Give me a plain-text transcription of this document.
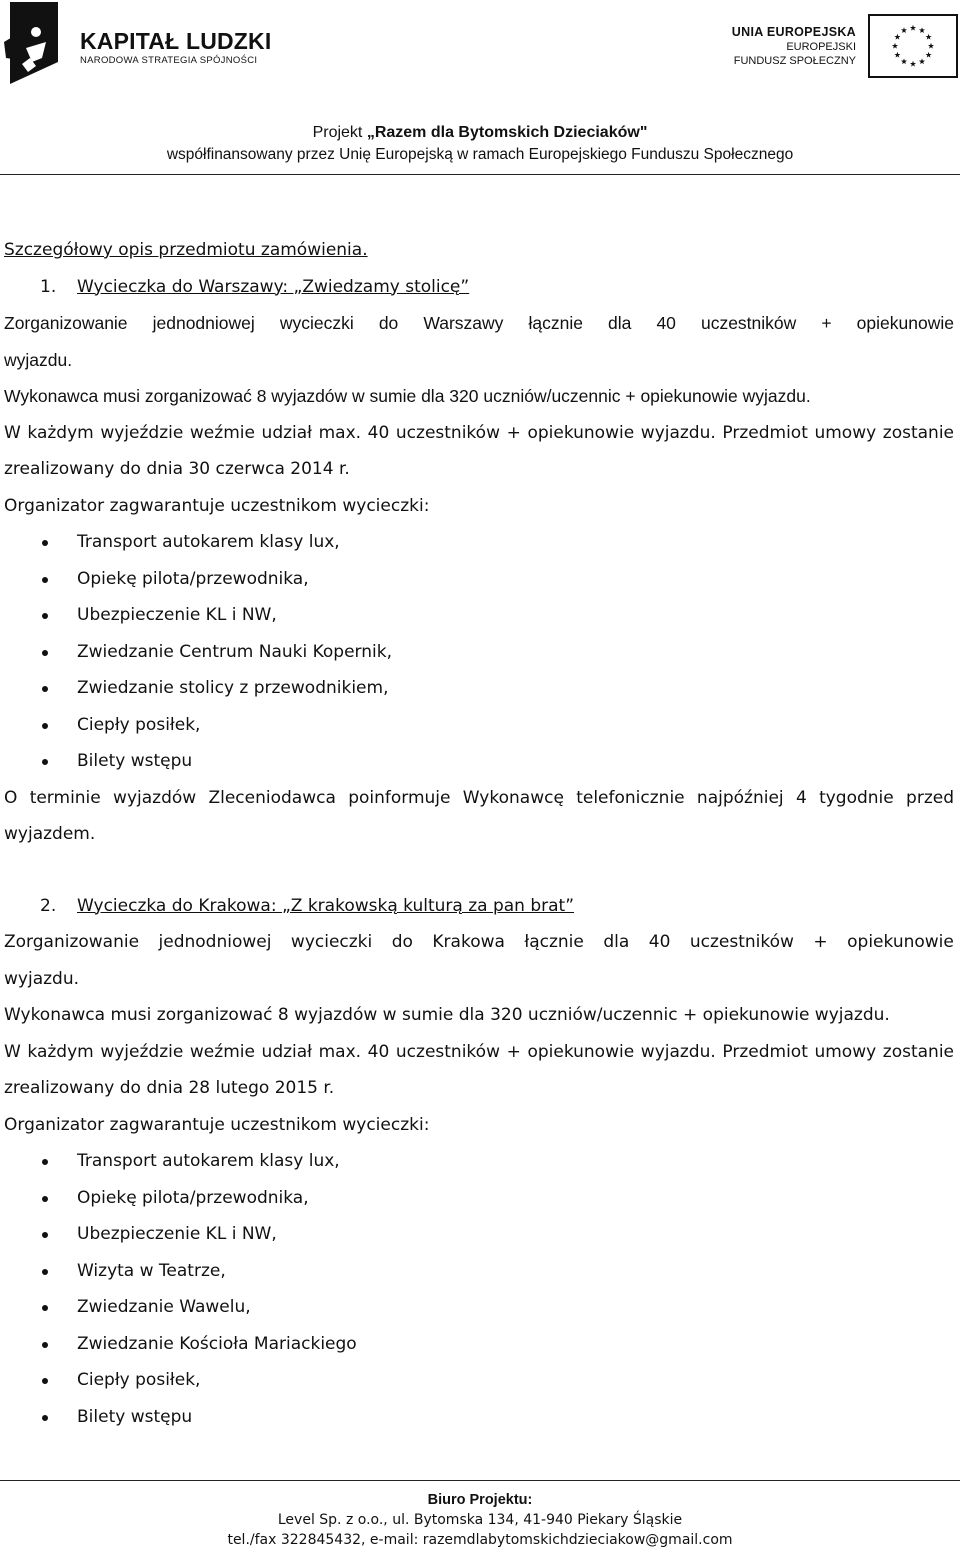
KAPITAŁ LUDZKI
NARODOWA STRATEGIA SPÓJNOŚCI
UNIA EUROPEJSKA
EUROPEJSKI
FUNDUSZ SPOŁECZNY
Projekt „Razem dla Bytomskich Dzieciaków"
współfinansowany przez Unię Europejską w ramach Europejskiego Funduszu Społecznego

Szczegółowy opis przedmiotu zamówienia.

1.	Wycieczka do Warszawy: „Zwiedzamy stolicę”
Zorganizowanie jednodniowej wycieczki do Warszawy łącznie dla 40 uczestników + opiekunowie

wyjazdu.

Wykonawca musi zorganizować 8 wyjazdów w sumie dla 320 uczniów/uczennic + opiekunowie wyjazdu.

W każdym wyjeździe weźmie udział max. 40 uczestników + opiekunowie wyjazdu. Przedmiot umowy zostanie zrealizowany do dnia 30 czerwca 2014 r.

Organizator zagwarantuje uczestnikom wycieczki:

Transport autokarem klasy lux,
Opiekę pilota/przewodnika,
Ubezpieczenie KL i NW,
Zwiedzanie Centrum Nauki Kopernik,
Zwiedzanie stolicy z przewodnikiem,
Ciepły posiłek,
Bilety wstępu

O terminie wyjazdów Zleceniodawca poinformuje Wykonawcę telefonicznie najpóźniej 4 tygodnie przed wyjazdem.

2.	Wycieczka do Krakowa: „Z krakowską kulturą za pan brat”
Zorganizowanie jednodniowej wycieczki do Krakowa łącznie dla 40 uczestników + opiekunowie

wyjazdu.

Wykonawca musi zorganizować 8 wyjazdów w sumie dla 320 uczniów/uczennic + opiekunowie wyjazdu.

W każdym wyjeździe weźmie udział max. 40 uczestników + opiekunowie wyjazdu. Przedmiot umowy zostanie zrealizowany do dnia 28 lutego 2015 r.

Organizator zagwarantuje uczestnikom wycieczki:

Transport autokarem klasy lux,
Opiekę pilota/przewodnika,
Ubezpieczenie KL i NW,
Wizyta w Teatrze,
Zwiedzanie Wawelu,
Zwiedzanie Kościoła Mariackiego
Ciepły posiłek,
Bilety wstępu
Biuro Projektu:
Level Sp. z o.o., ul. Bytomska 134, 41-940 Piekary Śląskie
tel./fax 322845432, e-mail: razemdlabytomskichdzieciakow@gmail.com
